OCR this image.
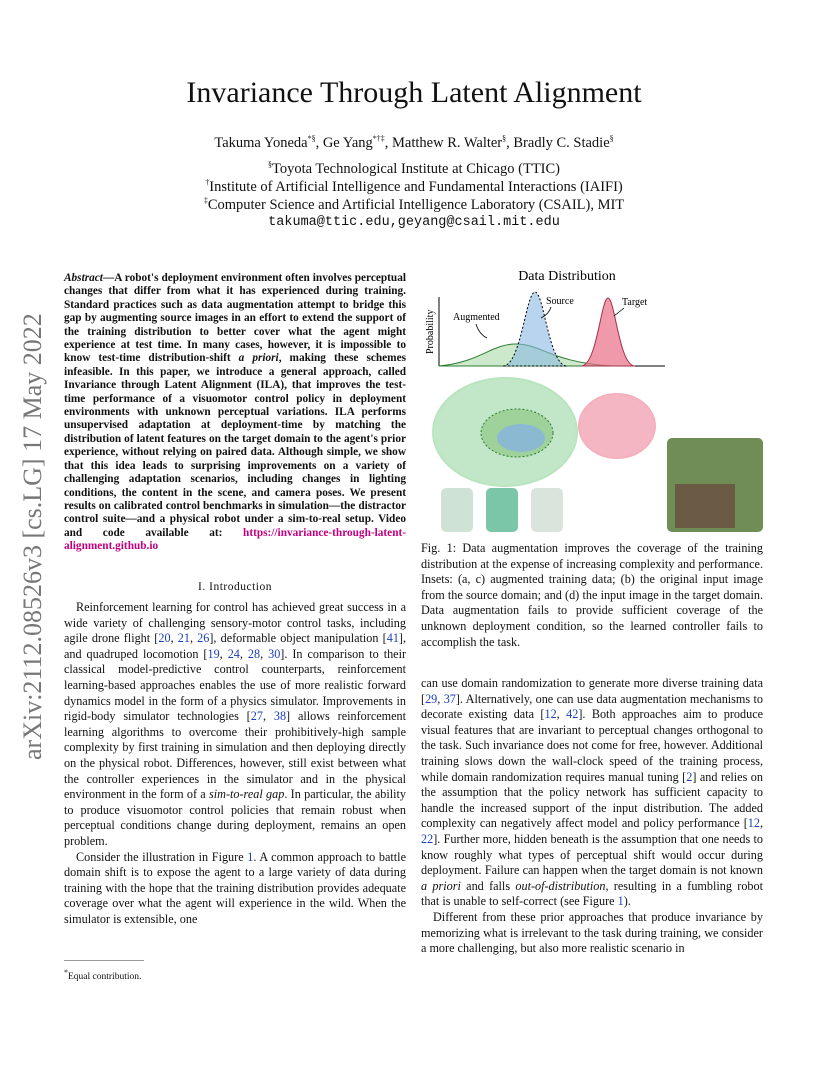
Invariance Through Latent Alignment
Takuma Yoneda*§, Ge Yang*†‡, Matthew R. Walter§, Bradly C. Stadie§
§Toyota Technological Institute at Chicago (TTIC)
†Institute of Artificial Intelligence and Fundamental Interactions (IAIFI)
‡Computer Science and Artificial Intelligence Laboratory (CSAIL), MIT
takuma@ttic.edu,geyang@csail.mit.edu
arXiv:2112.08526v3 [cs.LG] 17 May 2022
Abstract—A robot's deployment environment often involves perceptual changes that differ from what it has experienced during training. Standard practices such as data augmentation attempt to bridge this gap by augmenting source images in an effort to extend the support of the training distribution to better cover what the agent might experience at test time. In many cases, however, it is impossible to know test-time distribution-shift a priori, making these schemes infeasible. In this paper, we introduce a general approach, called Invariance through Latent Alignment (ILA), that improves the test-time performance of a visuomotor control policy in deployment environments with unknown perceptual variations. ILA performs unsupervised adaptation at deployment-time by matching the distribution of latent features on the target domain to the agent's prior experience, without relying on paired data. Although simple, we show that this idea leads to surprising improvements on a variety of challenging adaptation scenarios, including changes in lighting conditions, the content in the scene, and camera poses. We present results on calibrated control benchmarks in simulation—the distractor control suite—and a physical robot under a sim-to-real setup. Video and code available at: https://invariance-through-latent-alignment.github.io
I. Introduction
Reinforcement learning for control has achieved great success in a wide variety of challenging sensory-motor control tasks, including agile drone flight [20, 21, 26], deformable object manipulation [41], and quadruped locomotion [19, 24, 28, 30]. In comparison to their classical model-predictive control counterparts, reinforcement learning-based approaches enables the use of more realistic forward dynamics model in the form of a physics simulator. Improvements in rigid-body simulator technologies [27, 38] allows reinforcement learning algorithms to overcome their prohibitively-high sample complexity by first training in simulation and then deploying directly on the physical robot. Differences, however, still exist between what the controller experiences in the simulator and in the physical environment in the form of a sim-to-real gap. In particular, the ability to produce visuomotor control policies that remain robust when perceptual conditions change during deployment, remains an open problem.
Consider the illustration in Figure 1. A common approach to battle domain shift is to expose the agent to a large variety of data during training with the hope that the training distribution provides adequate coverage over what the agent will experience in the wild. When the simulator is extensible, one
*Equal contribution.
Data Distribution
Probability Augmented
Source	Target
Fig. 1: Data augmentation improves the coverage of the training distribution at the expense of increasing complexity and performance. Insets: (a, c) augmented training data; (b) the original input image from the source domain; and (d) the input image in the target domain. Data augmentation fails to provide sufficient coverage of the unknown deployment condition, so the learned controller fails to accomplish the task.
can use domain randomization to generate more diverse training data [29, 37]. Alternatively, one can use data augmentation mechanisms to decorate existing data [12, 42]. Both approaches aim to produce visual features that are invariant to perceptual changes orthogonal to the task. Such invariance does not come for free, however. Additional training slows down the wall-clock speed of the training process, while domain randomization requires manual tuning [2] and relies on the assumption that the policy network has sufficient capacity to handle the increased support of the input distribution. The added complexity can negatively affect model and policy performance [12, 22]. Further more, hidden beneath is the assumption that one needs to know roughly what types of perceptual shift would occur during deployment. Failure can happen when the target domain is not known a priori and falls out-of-distribution, resulting in a fumbling robot that is unable to self-correct (see Figure 1).
Different from these prior approaches that produce invariance by memorizing what is irrelevant to the task during training, we consider a more challenging, but also more realistic scenario in
